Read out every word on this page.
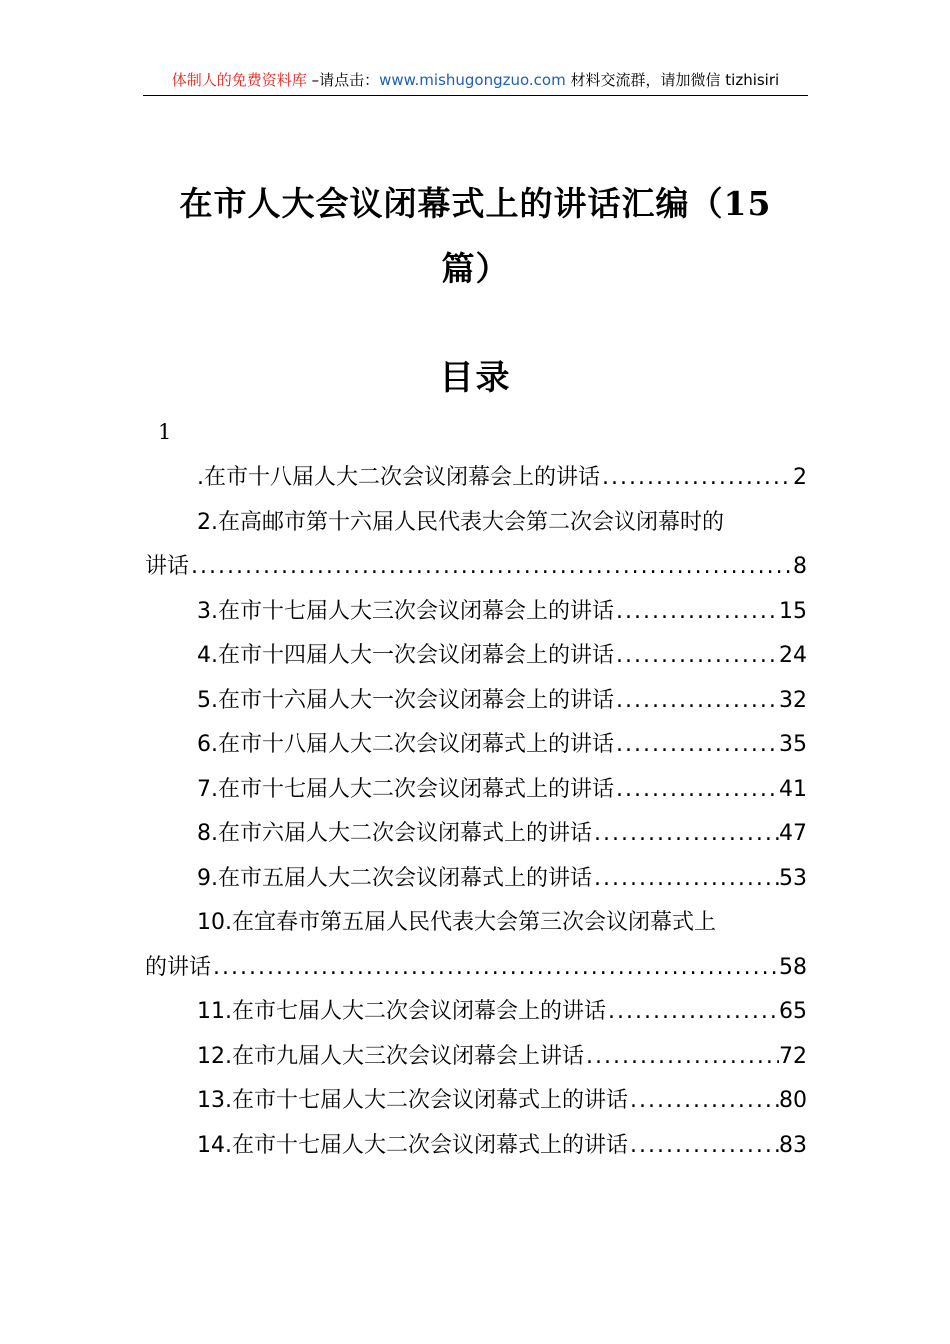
体制人的免费资料库 –请点击：www.mishugongzuo.com 材料交流群，请加微信 tizhisiri
在市人大会议闭幕式上的讲话汇编（15
篇）
目录
1
.在市十八届人大二次会议闭幕会上的讲话 .....	2
2.在高邮市第十六届人民代表大会第二次会议闭幕时的
讲话 .....	8
3.在市十七届人大三次会议闭幕会上的讲话 .....	15
4.在市十四届人大一次会议闭幕会上的讲话 .....	24
5.在市十六届人大一次会议闭幕会上的讲话 .....	32
6.在市十八届人大二次会议闭幕式上的讲话 .....	35
7.在市十七届人大二次会议闭幕式上的讲话 .....	41
8.在市六届人大二次会议闭幕式上的讲话 .....	47
9.在市五届人大二次会议闭幕式上的讲话 .....	53
10.在宜春市第五届人民代表大会第三次会议闭幕式上
的讲话 .....	58
11.在市七届人大二次会议闭幕会上的讲话 .....	65
12.在市九届人大三次会议闭幕会上讲话 .....	72
13.在市十七届人大二次会议闭幕式上的讲话 .....	80
14.在市十七届人大二次会议闭幕式上的讲话 .....	83
